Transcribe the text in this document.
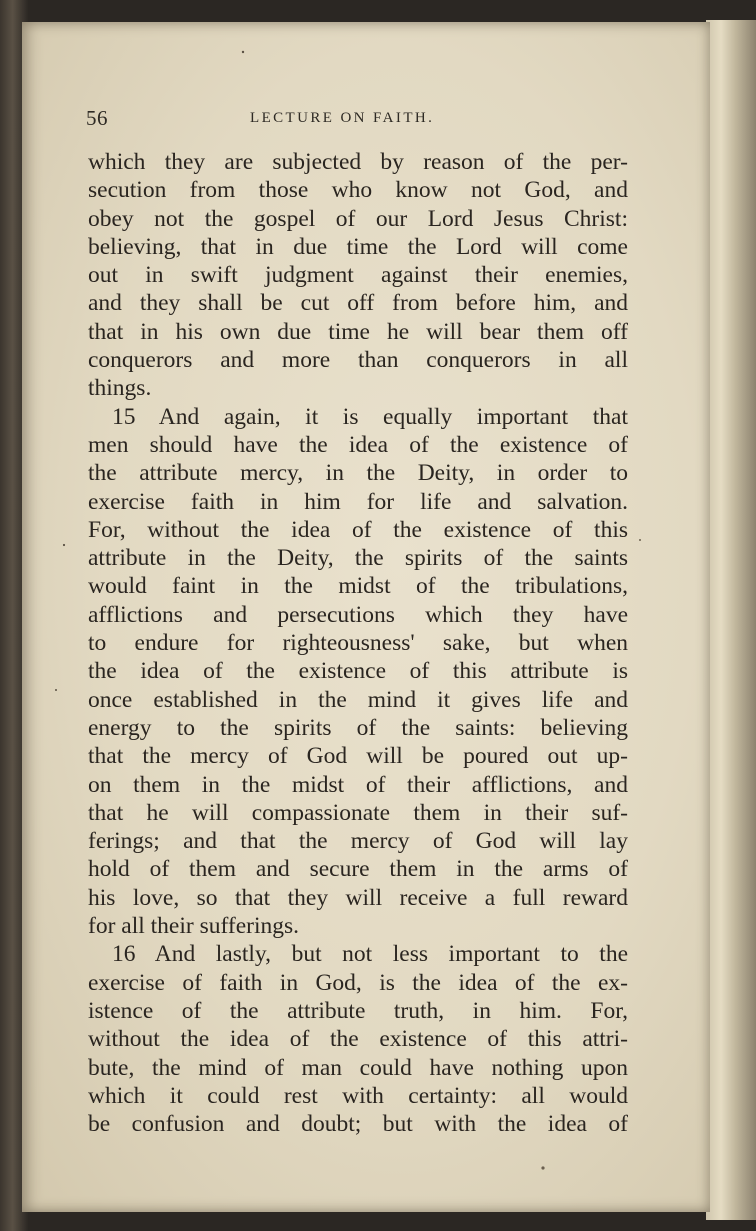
56	LECTURE ON FAITH.
which they are subjected by reason of the per-
secution from those who know not God, and
obey not the gospel of our Lord Jesus Christ:
believing, that in due time the Lord will come
out in swift judgment against their enemies,
and they shall be cut off from before him, and
that in his own due time he will bear them off
conquerors and more than conquerors in all
things.
15 And again, it is equally important that
men should have the idea of the existence of
the attribute mercy, in the Deity, in order to
exercise faith in him for life and salvation.
For, without the idea of the existence of this
attribute in the Deity, the spirits of the saints
would faint in the midst of the tribulations,
afflictions and persecutions which they have
to endure for righteousness' sake, but when
the idea of the existence of this attribute is
once established in the mind it gives life and
energy to the spirits of the saints: believing
that the mercy of God will be poured out up-
on them in the midst of their afflictions, and
that he will compassionate them in their suf-
ferings; and that the mercy of God will lay
hold of them and secure them in the arms of
his love, so that they will receive a full reward
for all their sufferings.
16 And lastly, but not less important to the
exercise of faith in God, is the idea of the ex-
istence of the attribute truth, in him. For,
without the idea of the existence of this attri-
bute, the mind of man could have nothing upon
which it could rest with certainty: all would
be confusion and doubt; but with the idea of
